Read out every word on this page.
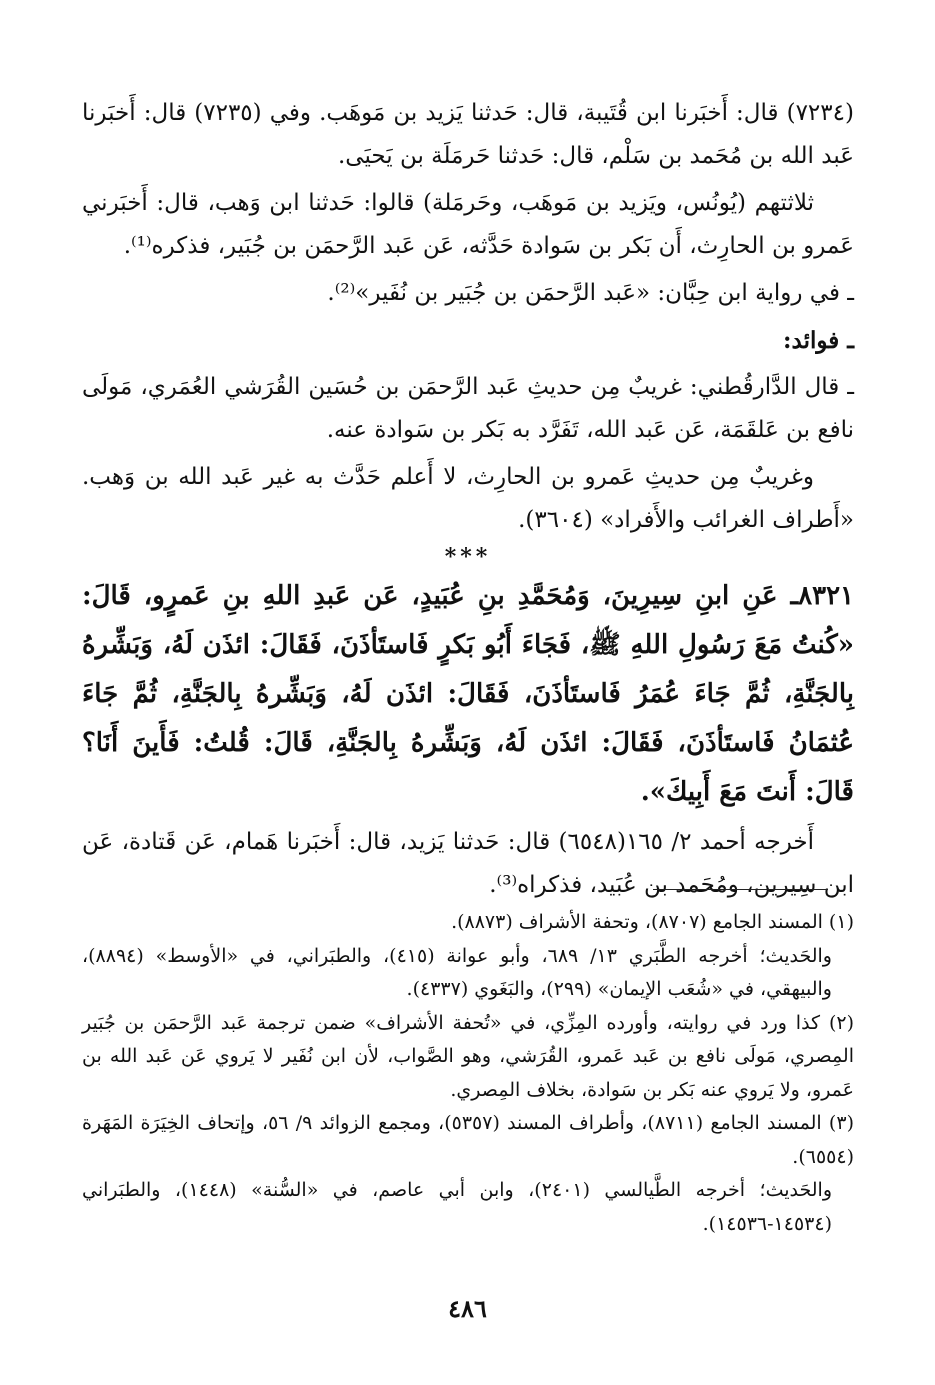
(٧٢٣٤) قال: أَخبَرنا ابن قُتَيبة، قال: حَدثنا يَزيد بن مَوهَب. وفي (٧٢٣٥) قال: أَخبَرنا عَبد الله بن مُحَمد بن سَلْم، قال: حَدثنا حَرمَلَة بن يَحيَى.

ثلاثتهم (يُونُس، ويَزيد بن مَوهَب، وحَرمَلة) قالوا: حَدثنا ابن وَهب، قال: أَخبَرني عَمرو بن الحارِث، أَن بَكر بن سَوادة حَدَّثه، عَن عَبد الرَّحمَن بن جُبَير، فذكره⁽¹⁾.

ـ في رواية ابن حِبَّان: «عَبد الرَّحمَن بن جُبَير بن نُفَير»⁽²⁾.

ـ فوائد:

ـ قال الدَّارقُطني: غريبٌ مِن حديثِ عَبد الرَّحمَن بن حُسَين القُرَشي العُمَري، مَولَى نافع بن عَلقَمَة، عَن عَبد الله، تَفَرَّد به بَكر بن سَوادة عنه.

وغريبٌ مِن حديثِ عَمرو بن الحارِث، لا أَعلم حَدَّث به غير عَبد الله بن وَهب. «أَطراف الغرائب والأَفراد» (٣٦٠٤).

***

٨٣٢١ـ عَنِ ابنِ سِيرِينَ، وَمُحَمَّدِ بنِ عُبَيدٍ، عَن عَبدِ اللهِ بنِ عَمرٍو، قَالَ: «كُنتُ مَعَ رَسُولِ اللهِ ﷺ، فَجَاءَ أَبُو بَكرٍ فَاستَأذَنَ، فَقَالَ: ائذَن لَهُ، وَبَشِّرهُ بِالجَنَّةِ، ثُمَّ جَاءَ عُمَرُ فَاستَأذَنَ، فَقَالَ: ائذَن لَهُ، وَبَشِّرهُ بِالجَنَّةِ، ثُمَّ جَاءَ عُثمَانُ فَاستَأذَنَ، فَقَالَ: ائذَن لَهُ، وَبَشِّرهُ بِالجَنَّةِ، قَالَ: قُلتُ: فَأَينَ أَنَا؟ قَالَ: أَنتَ مَعَ أَبِيكَ».

أَخرجه أحمد ٢/ ١٦٥(٦٥٤٨) قال: حَدثنا يَزيد، قال: أَخبَرنا هَمام، عَن قَتادة، عَن ابن سِيرين، ومُحَمد بن عُبَيد، فذكراه⁽³⁾.

(١) المسند الجامع (٨٧٠٧)، وتحفة الأشراف (٨٨٧٣).

والحَديث؛ أخرجه الطَّبَري ١٣/ ٦٨٩، وأبو عوانة (٤١٥)، والطبَراني، في «الأوسط» (٨٨٩٤)، والبيهقي، في «شُعَب الإيمان» (٢٩٩)، والبَغَوي (٤٣٣٧).

(٢) كذا ورد في روايته، وأورده المِزِّي، في «تُحفة الأشراف» ضمن ترجمة عَبد الرَّحمَن بن جُبَير المِصري، مَولَى نافع بن عَبد عَمرو، القُرَشي، وهو الصَّواب، لأن ابن نُفَير لا يَروي عَن عَبد الله بن عَمرو، ولا يَروي عنه بَكر بن سَوادة، بخلاف المِصري.

(٣) المسند الجامع (٨٧١١)، وأطراف المسند (٥٣٥٧)، ومجمع الزوائد ٩/ ٥٦، وإتحاف الخِيَرَة المَهَرة (٦٥٥٤).

والحَديث؛ أخرجه الطَّيالسي (٢٤٠١)، وابن أبي عاصم، في «السُّنة» (١٤٤٨)، والطبَراني (١٤٥٣٤-١٤٥٣٦).

٤٨٦
